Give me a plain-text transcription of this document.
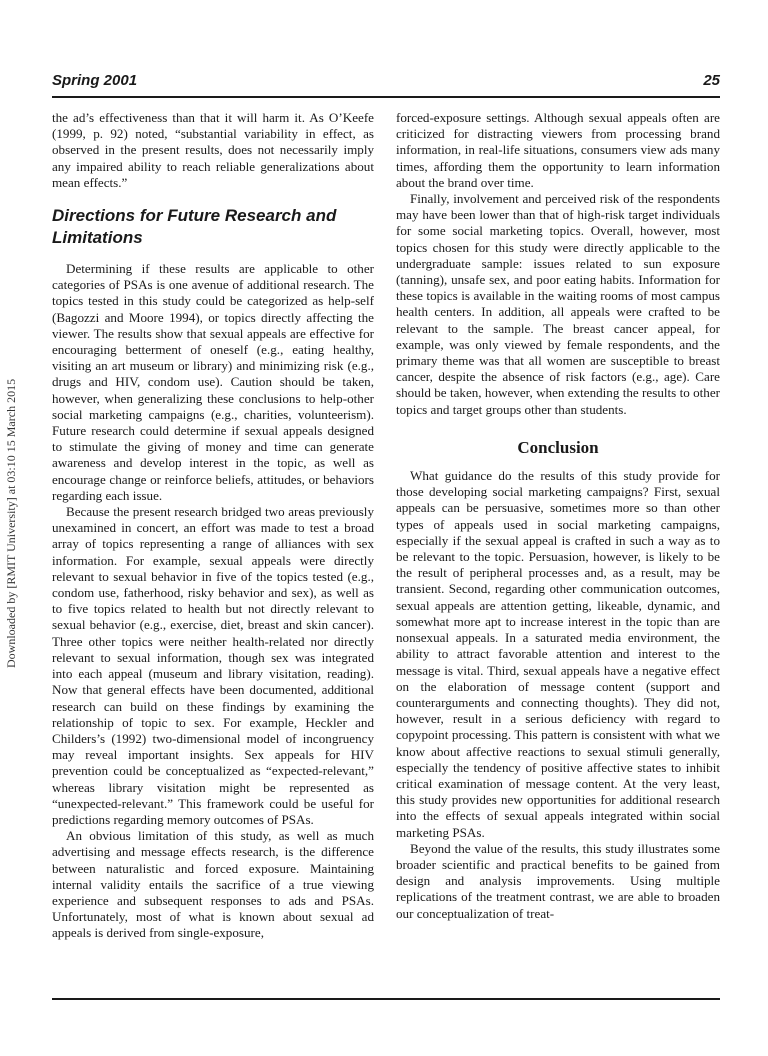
Spring 2001	25
Downloaded by [RMIT University] at 03:10 15 March 2015

the ad’s effectiveness than that it will harm it. As O’Keefe (1999, p. 92) noted, “substantial variability in effect, as observed in the present results, does not necessarily imply any impaired ability to reach reliable generalizations about mean effects.”

Directions for Future Research and Limitations

Determining if these results are applicable to other categories of PSAs is one avenue of additional research. The topics tested in this study could be categorized as help-self (Bagozzi and Moore 1994), or topics directly affecting the viewer. The results show that sexual appeals are effective for encouraging betterment of oneself (e.g., eating healthy, visiting an art museum or library) and minimizing risk (e.g., drugs and HIV, condom use). Caution should be taken, however, when generalizing these conclusions to help-other social marketing campaigns (e.g., charities, volunteerism). Future research could determine if sexual appeals designed to stimulate the giving of money and time can generate awareness and develop interest in the topic, as well as encourage change or reinforce beliefs, attitudes, or behaviors regarding each issue.

Because the present research bridged two areas previously unexamined in concert, an effort was made to test a broad array of topics representing a range of alliances with sex information. For example, sexual appeals were directly relevant to sexual behavior in five of the topics tested (e.g., condom use, fatherhood, risky behavior and sex), as well as to five topics related to health but not directly relevant to sexual behavior (e.g., exercise, diet, breast and skin cancer). Three other topics were neither health-related nor directly relevant to sexual information, though sex was integrated into each appeal (museum and library visitation, reading). Now that general effects have been documented, additional research can build on these findings by examining the relationship of topic to sex. For example, Heckler and Childers’s (1992) two-dimensional model of incongruency may reveal important insights. Sex appeals for HIV prevention could be conceptualized as “expected-relevant,” whereas library visitation might be represented as “unexpected-relevant.” This framework could be useful for predictions regarding memory outcomes of PSAs.

An obvious limitation of this study, as well as much advertising and message effects research, is the difference between naturalistic and forced exposure. Maintaining internal validity entails the sacrifice of a true viewing experience and subsequent responses to ads and PSAs. Unfortunately, most of what is known about sexual ad appeals is derived from single-exposure,

forced-exposure settings. Although sexual appeals often are criticized for distracting viewers from processing brand information, in real-life situations, consumers view ads many times, affording them the opportunity to learn information about the brand over time.

Finally, involvement and perceived risk of the respondents may have been lower than that of high-risk target individuals for some social marketing topics. Overall, however, most topics chosen for this study were directly applicable to the undergraduate sample: issues related to sun exposure (tanning), unsafe sex, and poor eating habits. Information for these topics is available in the waiting rooms of most campus health centers. In addition, all appeals were crafted to be relevant to the sample. The breast cancer appeal, for example, was only viewed by female respondents, and the primary theme was that all women are susceptible to breast cancer, despite the absence of risk factors (e.g., age). Care should be taken, however, when extending the results to other topics and target groups other than students.

Conclusion

What guidance do the results of this study provide for those developing social marketing campaigns? First, sexual appeals can be persuasive, sometimes more so than other types of appeals used in social marketing campaigns, especially if the sexual appeal is crafted in such a way as to be relevant to the topic. Persuasion, however, is likely to be the result of peripheral processes and, as a result, may be transient. Second, regarding other communication outcomes, sexual appeals are attention getting, likeable, dynamic, and somewhat more apt to increase interest in the topic than are nonsexual appeals. In a saturated media environment, the ability to attract favorable attention and interest to the message is vital. Third, sexual appeals have a negative effect on the elaboration of message content (support and counterarguments and connecting thoughts). They did not, however, result in a serious deficiency with regard to copypoint processing. This pattern is consistent with what we know about affective reactions to sexual stimuli generally, especially the tendency of positive affective states to inhibit critical examination of message content. At the very least, this study provides new opportunities for additional research into the effects of sexual appeals integrated within social marketing PSAs.

Beyond the value of the results, this study illustrates some broader scientific and practical benefits to be gained from design and analysis improvements. Using multiple replications of the treatment contrast, we are able to broaden our conceptualization of treat-
